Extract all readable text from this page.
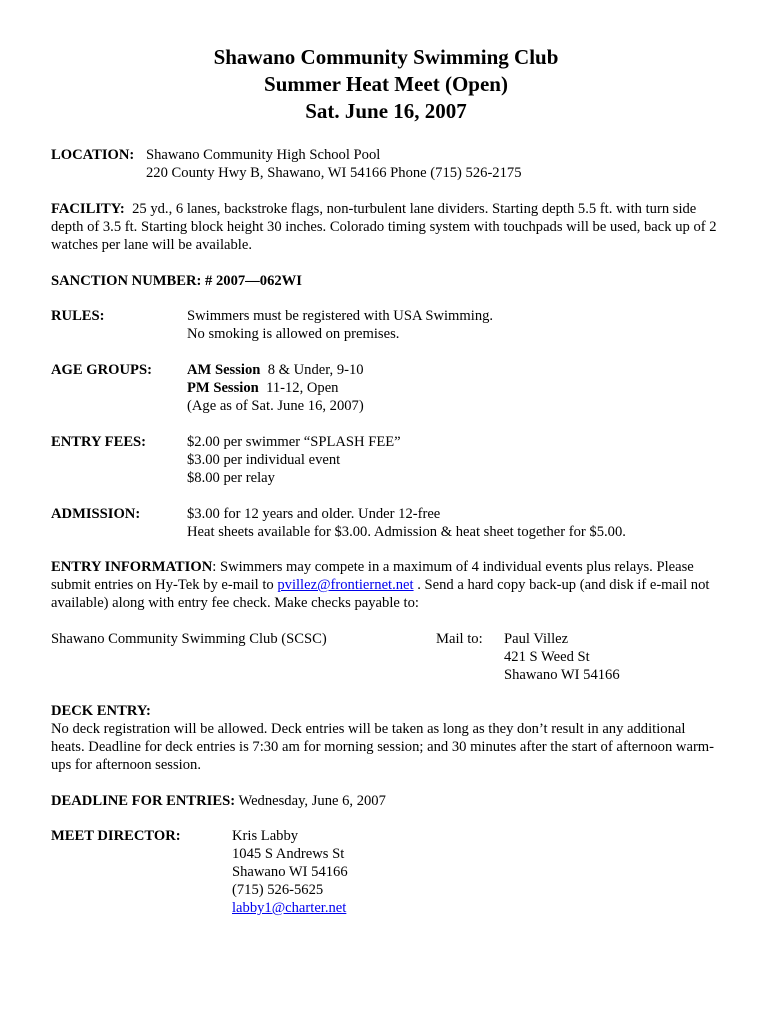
Shawano Community Swimming Club

Summer Heat Meet (Open)

Sat. June 16, 2007

LOCATION: Shawano Community High School Pool
220 County Hwy B, Shawano, WI 54166 Phone (715) 526-2175

FACILITY: 25 yd., 6 lanes, backstroke flags, non-turbulent lane dividers. Starting depth 5.5 ft. with turn side depth of 3.5 ft. Starting block height 30 inches. Colorado timing system with touchpads will be used, back up of 2 watches per lane will be available.

SANCTION NUMBER: # 2007—062WI

RULES:	Swimmers must be registered with USA Swimming.
No smoking is allowed on premises.
AGE GROUPS: AM Session 8 & Under, 9-10
PM Session 11-12, Open
(Age as of Sat. June 16, 2007)
ENTRY FEES:	$2.00 per swimmer “SPLASH FEE”
$3.00 per individual event
$8.00 per relay
ADMISSION:	$3.00 for 12 years and older. Under 12-free
Heat sheets available for $3.00. Admission & heat sheet together for $5.00.

ENTRY INFORMATION: Swimmers may compete in a maximum of 4 individual events plus relays. Please submit entries on Hy-Tek by e-mail to pvillez@frontiernet.net . Send a hard copy back-up (and disk if e-mail not available) along with entry fee check. Make checks payable to:

Shawano Community Swimming Club (SCSC)	Mail to: Paul Villez
421 S Weed St
Shawano WI 54166
DECK ENTRY:

No deck registration will be allowed. Deck entries will be taken as long as they don’t result in any additional heats. Deadline for deck entries is 7:30 am for morning session; and 30 minutes after the start of afternoon warm-ups for afternoon session.

DEADLINE FOR ENTRIES: Wednesday, June 6, 2007

MEET DIRECTOR:	Kris Labby
1045 S Andrews St
Shawano WI 54166
(715) 526-5625
labby1@charter.net
